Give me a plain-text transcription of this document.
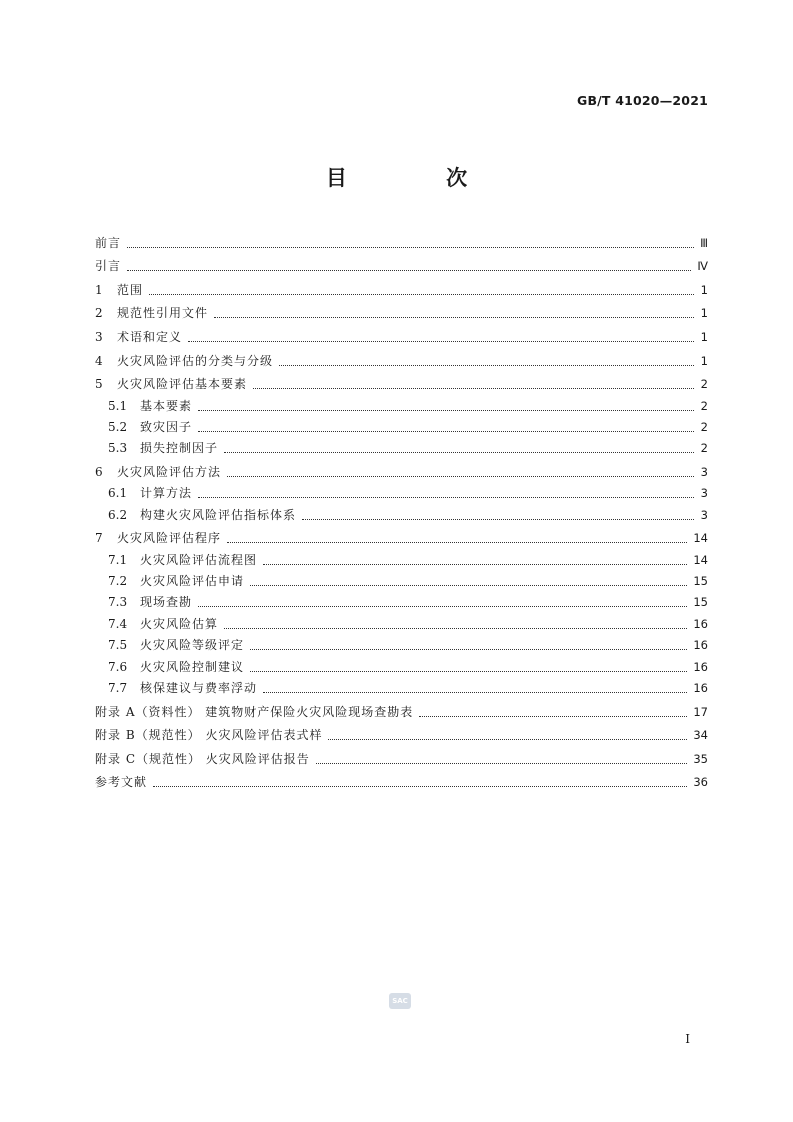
GB/T 41020—2021
目 次
前言	Ⅲ
引言	Ⅳ
1	范围	1
2	规范性引用文件	1
3	术语和定义	1
4	火灾风险评估的分类与分级	1
5	火灾风险评估基本要素	2
5.1	基本要素	2
5.2	致灾因子	2
5.3	损失控制因子	2
6	火灾风险评估方法	3
6.1	计算方法	3
6.2	构建火灾风险评估指标体系	3
7	火灾风险评估程序	14
7.1	火灾风险评估流程图	14
7.2	火灾风险评估申请	15
7.3	现场查勘	15
7.4	火灾风险估算	16
7.5	火灾风险等级评定	16
7.6	火灾风险控制建议	16
7.7	核保建议与费率浮动	16
附录 A（资料性） 建筑物财产保险火灾风险现场查勘表	17
附录 B（规范性） 火灾风险评估表式样	34
附录 C（规范性） 火灾风险评估报告	35
参考文献	36
SAC
I
